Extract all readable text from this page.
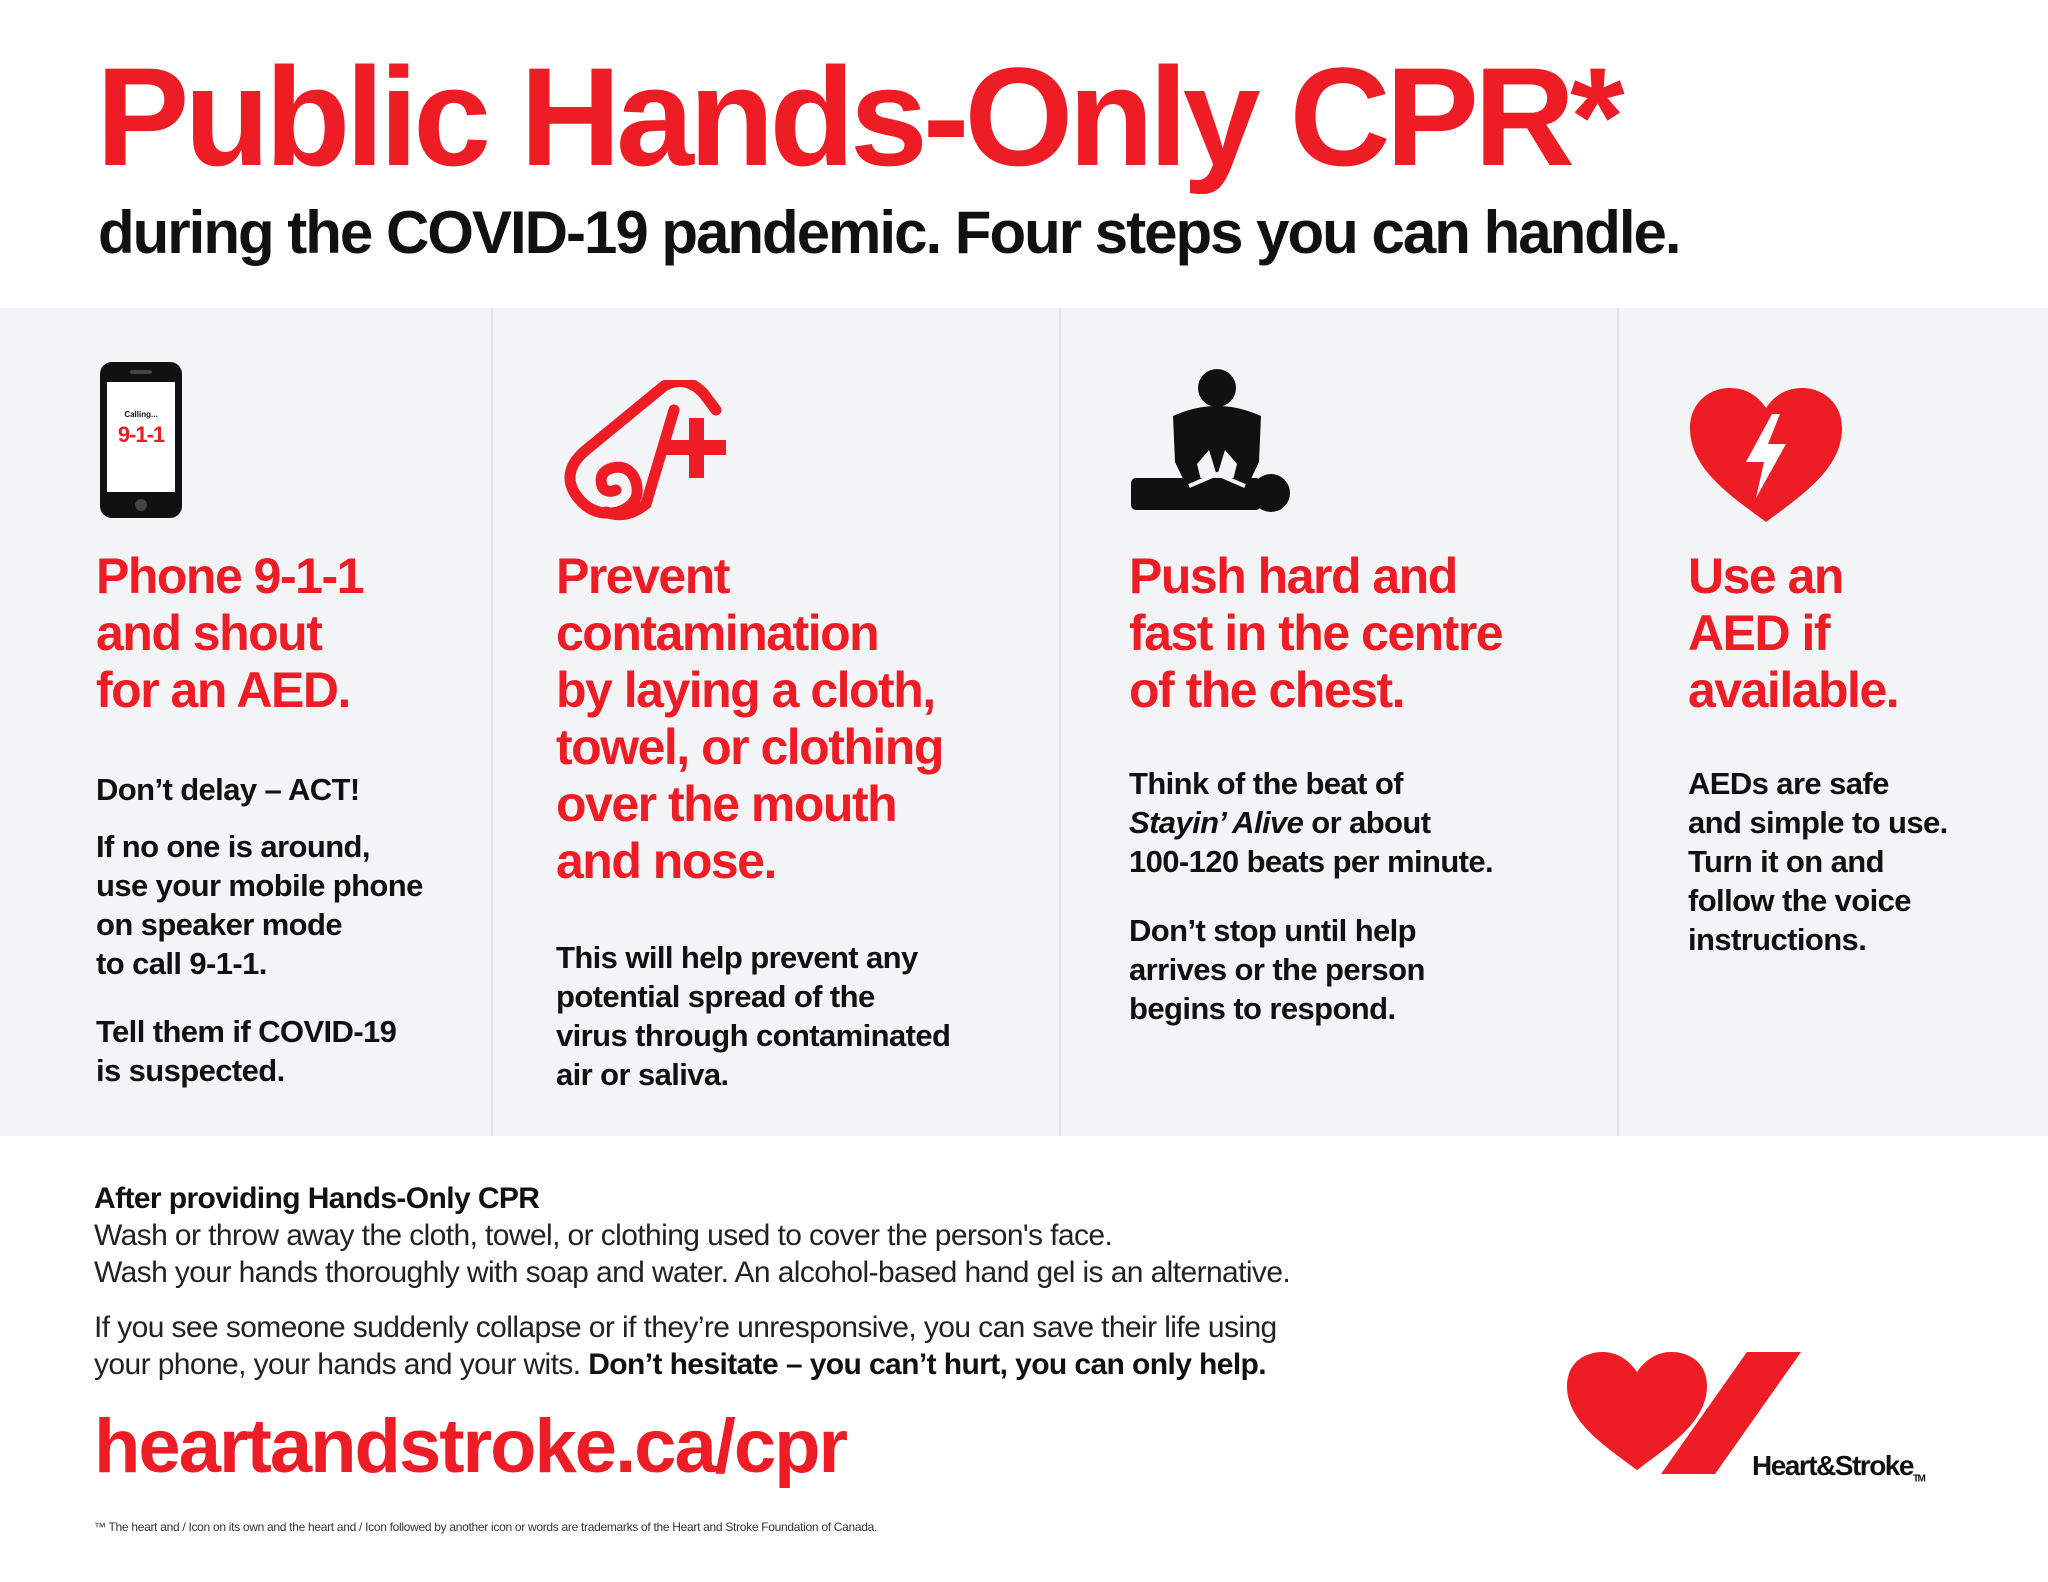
Public Hands-Only CPR*
during the COVID-19 pandemic. Four steps you can handle.
Calling...
9-1-1
Phone 9-1-1
and shout
for an AED.

Don’t delay – ACT!

If no one is around,
use your mobile phone
on speaker mode
to call 9-1-1.

Tell them if COVID-19
is suspected.

Prevent
contamination
by laying a cloth,
towel, or clothing
over the mouth
and nose.

This will help prevent any
potential spread of the
virus through contaminated
air or saliva.

Push hard and
fast in the centre
of the chest.

Think of the beat of
Stayin’ Alive or about
100-120 beats per minute.

Don’t stop until help
arrives or the person
begins to respond.

Use an
AED if
available.

AEDs are safe
and simple to use.
Turn it on and
follow the voice
instructions.

After providing Hands-Only CPR

Wash or throw away the cloth, towel, or clothing used to cover the person's face.

Wash your hands thoroughly with soap and water. An alcohol-based hand gel is an alternative.

If you see someone suddenly collapse or if they’re unresponsive, you can save their life using

your phone, your hands and your wits. Don’t hesitate – you can’t hurt, you can only help.

heartandstroke.ca/cpr
™ The heart and / Icon on its own and the heart and / Icon followed by another icon or words are trademarks of the Heart and Stroke Foundation of Canada.
Heart&Stroke$_{TM}$
